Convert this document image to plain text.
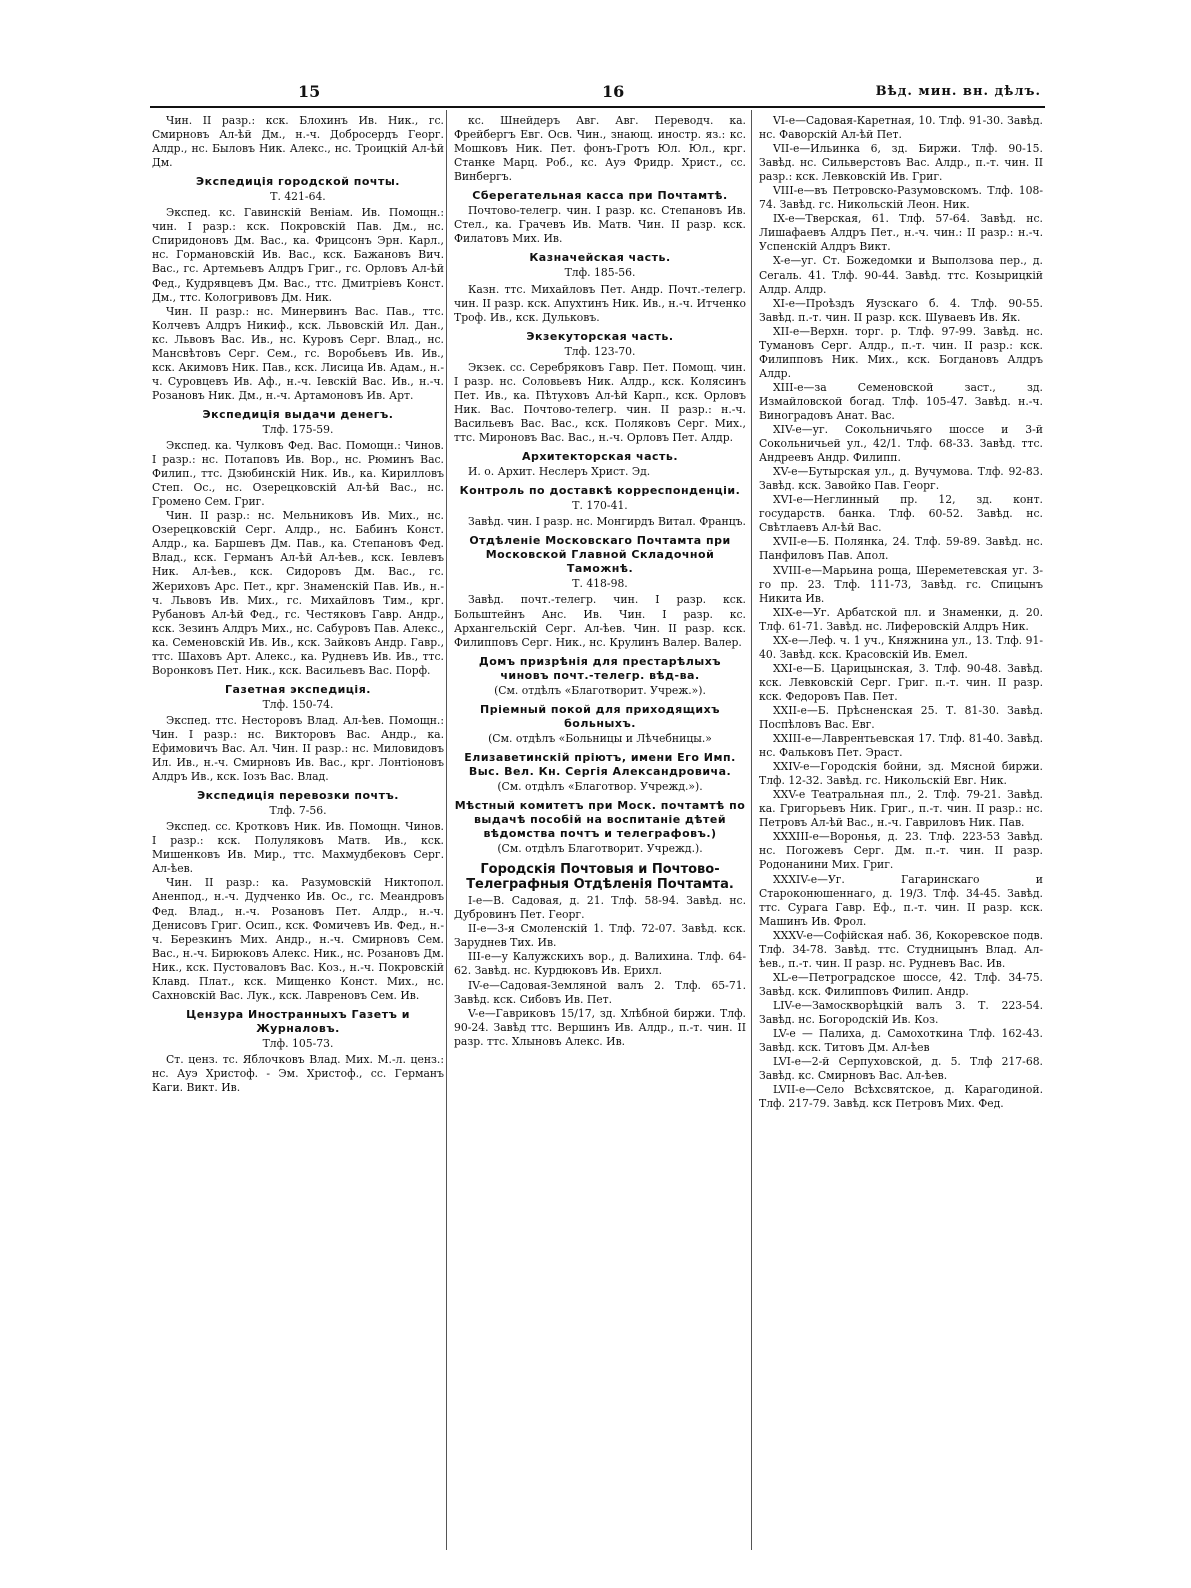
15	16	Вѣд. мин. вн. дѣлъ.
Чин. II разр.: кск. Блохинъ Ив. Ник., гс. Смирновъ Ал-ѣй Дм., н.-ч. Добросердъ Георг. Алдр., нс. Быловъ Ник. Алекс., нс. Троицкiй Ал-ѣй Дм.
Экспедицiя городской почты.
Т. 421-64.
Экспед. кс. Гавинскiй Веніам. Ив. Помощн.: чин. I разр.: кск. Покровскiй Пав. Дм., нс. Спиридоновъ Дм. Вас., ка. Фрицсонъ Эрн. Карл., нс. Гормановскiй Ив. Вас., кск. Бажановъ Вич. Вас., гс. Артемьевъ Алдръ Григ., гс. Орловъ Ал-ѣй Фед., Кудрявцевъ Дм. Вас., ттс. Дмитрiевъ Конст. Дм., ттс. Кологривовъ Дм. Ник.
Чин. II разр.: нс. Минервинъ Вас. Пав., ттс. Колчевъ Алдръ Никиф., кск. Львовскiй Ил. Дан., кс. Львовъ Вас. Ив., нс. Куровъ Серг. Влад., нс. Мансвѣтовъ Серг. Сем., гс. Воробьевъ Ив. Ив., кск. Акимовъ Ник. Пав., кск. Лисица Ив. Адам., н.-ч. Суровцевъ Ив. Аф., н.-ч. Iевскiй Вас. Ив., н.-ч. Розановъ Ник. Дм., н.-ч. Артамоновъ Ив. Арт.
Экспедицiя выдачи денегъ.
Тлф. 175-59.
Экспед. ка. Чулковъ Фед. Вас. Помощн.: Чинов. I разр.: нс. Потаповъ Ив. Вор., нс. Рюминъ Вас. Филип., ттс. Дзюбинскiй Ник. Ив., ка. Кирилловъ Степ. Ос., нс. Озерецковскiй Ал-ѣй Вас., нс. Громено Сем. Григ.
Чин. II разр.: нс. Мельниковъ Ив. Мих., нс. Озерецковскiй Серг. Алдр., нс. Бабинъ Конст. Алдр., ка. Баршевъ Дм. Пав., ка. Степановъ Фед. Влад., кск. Германъ Ал-ѣй Ал-ѣев., кск. Iевлевъ Ник. Ал-ѣев., кск. Сидоровъ Дм. Вас., гс. Жериховъ Арс. Пет., крг. Знаменскiй Пав. Ив., н.-ч. Львовъ Ив. Мих., гс. Михайловъ Тим., крг. Рубановъ Ал-ѣй Фед., гс. Честяковъ Гавр. Андр., кск. Зезинъ Алдръ Мих., нс. Сабуровъ Пав. Алекс., ка. Семеновскiй Ив. Ив., кск. Зайковъ Андр. Гавр., ттс. Шаховъ Арт. Алекс., ка. Рудневъ Ив. Ив., ттс. Воронковъ Пет. Ник., кск. Васильевъ Вас. Порф.
Газетная экспедицiя.
Тлф. 150-74.
Экспед. ттс. Несторовъ Влад. Ал-ѣев. Помощн.: Чин. I разр.: нс. Викторовъ Вас. Андр., ка. Ефимовичъ Вас. Ал. Чин. II разр.: нс. Миловидовъ Ил. Ив., н.-ч. Смирновъ Ив. Вас., крг. Лонтiоновъ Алдръ Ив., кск. Iозъ Вас. Влад.
Экспедицiя перевозки почтъ.
Тлф. 7-56.
Экспед. сс. Кротковъ Ник. Ив. Помощн. Чинов. I разр.: кск. Полуляковъ Матв. Ив., кск. Мишенковъ Ив. Мир., ттс. Махмудбековъ Серг. Ал-ѣев.
Чин. II разр.: ка. Разумовскiй Никтопол. Аненпод., н.-ч. Дудченко Ив. Ос., гс. Меандровъ Фед. Влад., н.-ч. Розановъ Пет. Алдр., н.-ч. Денисовъ Григ. Осип., кск. Фомичевъ Ив. Фед., н.-ч. Березкинъ Мих. Андр., н.-ч. Смирновъ Сем. Вас., н.-ч. Бирюковъ Алекс. Ник., нс. Розановъ Дм. Ник., кск. Пустоваловъ Вас. Коз., н.-ч. Покровскiй Клавд. Плат., кск. Мищенко Конст. Мих., нс. Сахновскiй Вас. Лук., кск. Лавреновъ Сем. Ив.
Цензура Иностранныхъ Газетъ и Журналовъ.
Тлф. 105-73.
Ст. ценз. тс. Яблочковъ Влад. Мих. М.-л. ценз.: нс. Ауэ Христоф. - Эм. Христоф., сс. Германъ Каги. Викт. Ив.
кс. Шнейдеръ Авг. Авг. Переводч. ка. Фрейбергъ Евг. Осв. Чин., знающ. иностр. яз.: кс. Мошковъ Ник. Пет. фонъ-Гротъ Юл. Юл., крг. Станке Марц. Роб., кс. Ауэ Фридр. Христ., сс. Винбергъ.
Сберегательная касса при Почтамтѣ.
Почтово-телегр. чин. I разр. кс. Степановъ Ив. Стел., ка. Грачевъ Ив. Матв. Чин. II разр. кск. Филатовъ Мих. Ив.
Казначейская часть.
Тлф. 185-56.
Казн. ттс. Михайловъ Пет. Андр. Почт.-телегр. чин. II разр. кск. Апухтинъ Ник. Ив., н.-ч. Итченко Троф. Ив., кск. Дульковъ.
Экзекуторская часть.
Тлф. 123-70.
Экзек. сс. Серебряковъ Гавр. Пет. Помощ. чин. I разр. нс. Соловьевъ Ник. Алдр., кск. Колясинъ Пет. Ив., ка. Пѣтуховъ Ал-ѣй Карп., кск. Орловъ Ник. Вас. Почтово-телегр. чин. II разр.: н.-ч. Васильевъ Вас. Вас., кск. Поляковъ Серг. Мих., ттс. Мироновъ Вас. Вас., н.-ч. Орловъ Пет. Алдр.
Архитекторская часть.
И. о. Архит. Неслеръ Христ. Эд.
Контроль по доставкѣ корреспонденцiи.
Т. 170-41.
Завѣд. чин. I разр. нс. Монгирдъ Витал. Францъ.
Отдѣленiе Московскаго Почтамта при Московской Главной Складочной Таможнѣ.
Т. 418-98.
Завѣд. почт.-телегр. чин. I разр. кск. Больштейнъ Анс. Ив. Чин. I разр. кс. Архангельскiй Серг. Ал-ѣев. Чин. II разр. кск. Филипповъ Серг. Ник., нс. Крулинъ Валер. Валер.
Домъ призрѣнiя для престарѣлыхъ чиновъ почт.-телегр. вѣд-ва.
(См. отдѣлъ «Благотворит. Учреж.»).
Прiемный покой для приходящихъ больныхъ.
(См. отдѣлъ «Больницы и Лѣчебницы.»
Елизаветинскiй прiютъ, имени Его Имп. Выс. Вел. Кн. Сергiя Александровича.
(См. отдѣлъ «Благотвор. Учрежд.»).
Мѣстный комитетъ при Моск. почтамтѣ по выдачѣ пособiй на воспитанiе дѣтей вѣдомства почтъ и телеграфовъ.)
(См. отдѣлъ Благотворит. Учрежд.).
Городскiя Почтовыя и Почтово-Телеграфныя Отдѣленiя Почтамта.
I-е—В. Садовая, д. 21. Тлф. 58-94. Завѣд. нс. Дубровинъ Пет. Георг.
II-е—3-я Смоленскiй 1. Тлф. 72-07. Завѣд. кск. Заруднев Тих. Ив.
III-е—у Калужскихъ вор., д. Валихина. Тлф. 64-62. Завѣд. нс. Курдюковъ Ив. Ерихл.
IV-е—Садовая-Земляной валъ 2. Тлф. 65-71. Завѣд. кск. Сибовъ Ив. Пет.
V-е—Гавриковъ 15/17, зд. Хлѣбной биржи. Тлф. 90-24. Завѣд ттс. Вершинъ Ив. Алдр., п.-т. чин. II разр. ттс. Хлыновъ Алекс. Ив.
VI-е—Садовая-Каретная, 10. Тлф. 91-30. Завѣд. нс. Фаворскiй Ал-ѣй Пет.
VII-е—Ильинка 6, зд. Биржи. Тлф. 90-15. Завѣд. нс. Сильверстовъ Вас. Алдр., п.-т. чин. II разр.: кск. Левковскiй Ив. Григ.
VIII-е—въ Петровско-Разумовскомъ. Тлф. 108-74. Завѣд. гс. Никольскiй Леон. Ник.
IX-е—Тверская, 61. Тлф. 57-64. Завѣд. нс. Лишафаевъ Алдръ Пет., н.-ч. чин.: II разр.: н.-ч. Успенскiй Алдръ Викт.
X-е—уг. Ст. Божедомки и Выползова пер., д. Сегаль. 41. Тлф. 90-44. Завѣд. ттс. Козырицкiй Алдр. Алдр.
XI-е—Проѣздъ Яузскаго б. 4. Тлф. 90-55. Завѣд. п.-т. чин. II разр. кск. Шуваевъ Ив. Як.
XII-е—Верхн. торг. р. Тлф. 97-99. Завѣд. нс. Тумановъ Серг. Алдр., п.-т. чин. II разр.: кск. Филипповъ Ник. Мих., кск. Богдановъ Алдръ Алдр.
XIII-е—за Семеновской заст., зд. Измайловской богад. Тлф. 105-47. Завѣд. н.-ч. Виноградовъ Анат. Вас.
XIV-е—уг. Сокольничьяго шоссе и 3-й Сокольничьей ул., 42/1. Тлф. 68-33. Завѣд. ттс. Андреевъ Андр. Филипп.
XV-е—Бутырская ул., д. Вучумова. Тлф. 92-83. Завѣд. кск. Завойко Пав. Георг.
XVI-е—Неглинный пр. 12, зд. конт. государств. банка. Тлф. 60-52. Завѣд. нс. Свѣтлаевъ Ал-ѣй Вас.
XVII-е—Б. Полянка, 24. Тлф. 59-89. Завѣд. нс. Панфиловъ Пав. Апол.
XVIII-е—Марьина роща, Шереметевская уг. 3-го пр. 23. Тлф. 111-73, Завѣд. гс. Спицынъ Никита Ив.
XIX-е—Уг. Арбатской пл. и Знаменки, д. 20. Тлф. 61-71. Завѣд. нс. Лиферовскiй Алдръ Ник.
XX-е—Леф. ч. 1 уч., Княжнина ул., 13. Тлф. 91-40. Завѣд. кск. Красовскiй Ив. Емел.
XXI-е—Б. Царицынская, 3. Тлф. 90-48. Завѣд. кск. Левковскiй Серг. Григ. п.-т. чин. II разр. кск. Федоровъ Пав. Пет.
XXII-е—Б. Прѣсненская 25. Т. 81-30. Завѣд. Поспѣловъ Вас. Евг.
XXIII-е—Лаврентьевская 17. Тлф. 81-40. Завѣд. нс. Фальковъ Пет. Эраст.
XXIV-е—Городскiя бойни, зд. Мясной биржи. Тлф. 12-32. Завѣд. гс. Никольскiй Евг. Ник.
XXV-е Театральная пл., 2. Тлф. 79-21. Завѣд. ка. Григорьевъ Ник. Григ., п.-т. чин. II разр.: нс. Петровъ Ал-ѣй Вас., н.-ч. Гавриловъ Ник. Пав.
XXXIII-е—Воронья, д. 23. Тлф. 223-53 Завѣд. нс. Погожевъ Серг. Дм. п.-т. чин. II разр. Родонанини Мих. Григ.
XXXIV-е—Уг. Гагаринскаго и Староконюшеннаго, д. 19/3. Тлф. 34-45. Завѣд. ттс. Сурага Гавр. Еф., п.-т. чин. II разр. кск. Машинъ Ив. Фрол.
XXXV-е—Софiйская наб. 36, Кокоревское подв. Тлф. 34-78. Завѣд. ттс. Студницынъ Влад. Ал-ѣев., п.-т. чин. II разр. нс. Рудневъ Вас. Ив.
XL-е—Петроградское шоссе, 42. Тлф. 34-75. Завѣд. кск. Филипповъ Филип. Андр.
LIV-е—Замоскворѣцкiй валъ 3. Т. 223-54. Завѣд. нс. Богородскiй Ив. Коз.
LV-е — Палиха, д. Самохоткина Тлф. 162-43. Завѣд. кск. Титовъ Дм. Ал-ѣев
LVI-е—2-й Серпуховской, д. 5. Тлф 217-68. Завѣд. кс. Смирновъ Вас. Ал-ѣев.
LVII-е—Село Всѣхсвятское, д. Карагодиной. Тлф. 217-79. Завѣд. кск Петровъ Мих. Фед.
